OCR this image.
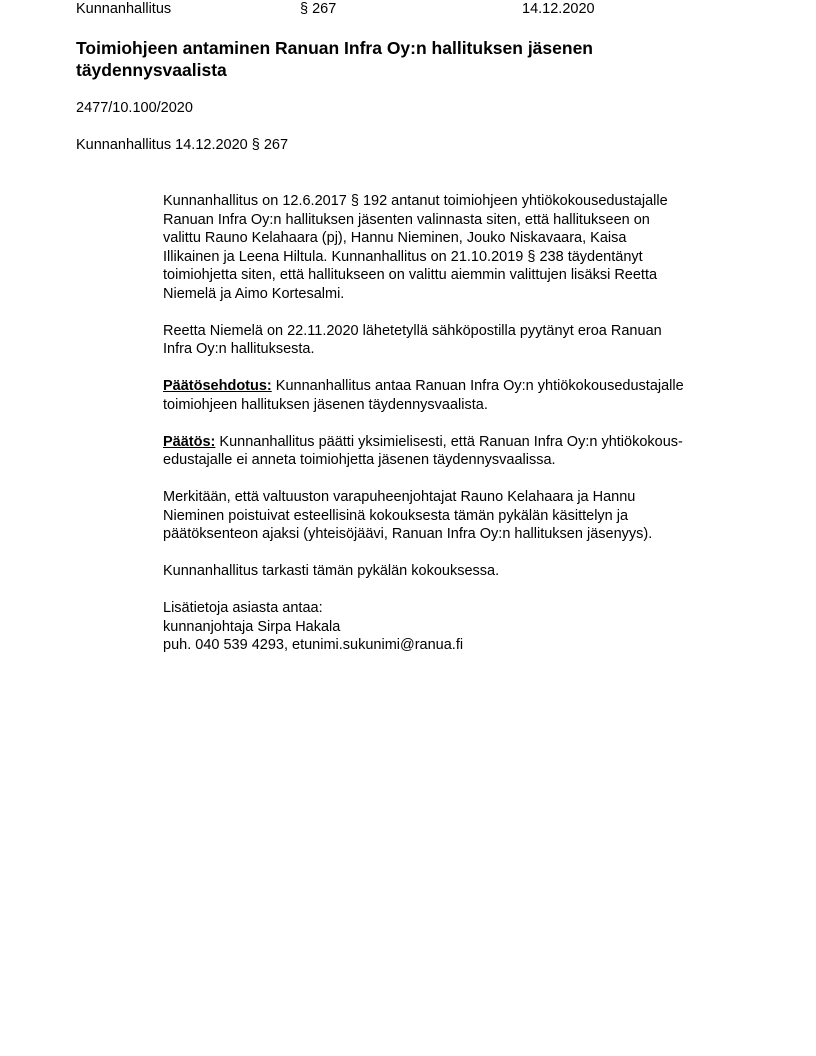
Kunnanhallitus	§ 267	14.12.2020
Toimiohjeen antaminen Ranuan Infra Oy:n hallituksen jäsenen
täydennysvaalista
2477/10.100/2020
Kunnanhallitus 14.12.2020 § 267

Kunnanhallitus on 12.6.2017 § 192 antanut toimiohjeen yhtiökokousedustajalle
Ranuan Infra Oy:n hallituksen jäsenten valinnasta siten, että hallitukseen on
valittu Rauno Kelahaara (pj), Hannu Nieminen, Jouko Niskavaara, Kaisa
Illikainen ja Leena Hiltula. Kunnanhallitus on 21.10.2019 § 238 täydentänyt
toimiohjetta siten, että hallitukseen on valittu aiemmin valittujen lisäksi Reetta
Niemelä ja Aimo Kortesalmi.

Reetta Niemelä on 22.11.2020 lähetetyllä sähköpostilla pyytänyt eroa Ranuan
Infra Oy:n hallituksesta.

Päätösehdotus: Kunnanhallitus antaa Ranuan Infra Oy:n yhtiökokousedustajalle
toimiohjeen hallituksen jäsenen täydennysvaalista.

Päätös: Kunnanhallitus päätti yksimielisesti, että Ranuan Infra Oy:n yhtiökokous-
edustajalle ei anneta toimiohjetta jäsenen täydennysvaalissa.

Merkitään, että valtuuston varapuheenjohtajat Rauno Kelahaara ja Hannu
Nieminen poistuivat esteellisinä kokouksesta tämän pykälän käsittelyn ja
päätöksenteon ajaksi (yhteisöjäävi, Ranuan Infra Oy:n hallituksen jäsenyys).

Kunnanhallitus tarkasti tämän pykälän kokouksessa.

Lisätietoja asiasta antaa:
kunnanjohtaja Sirpa Hakala
puh. 040 539 4293, etunimi.sukunimi@ranua.fi
